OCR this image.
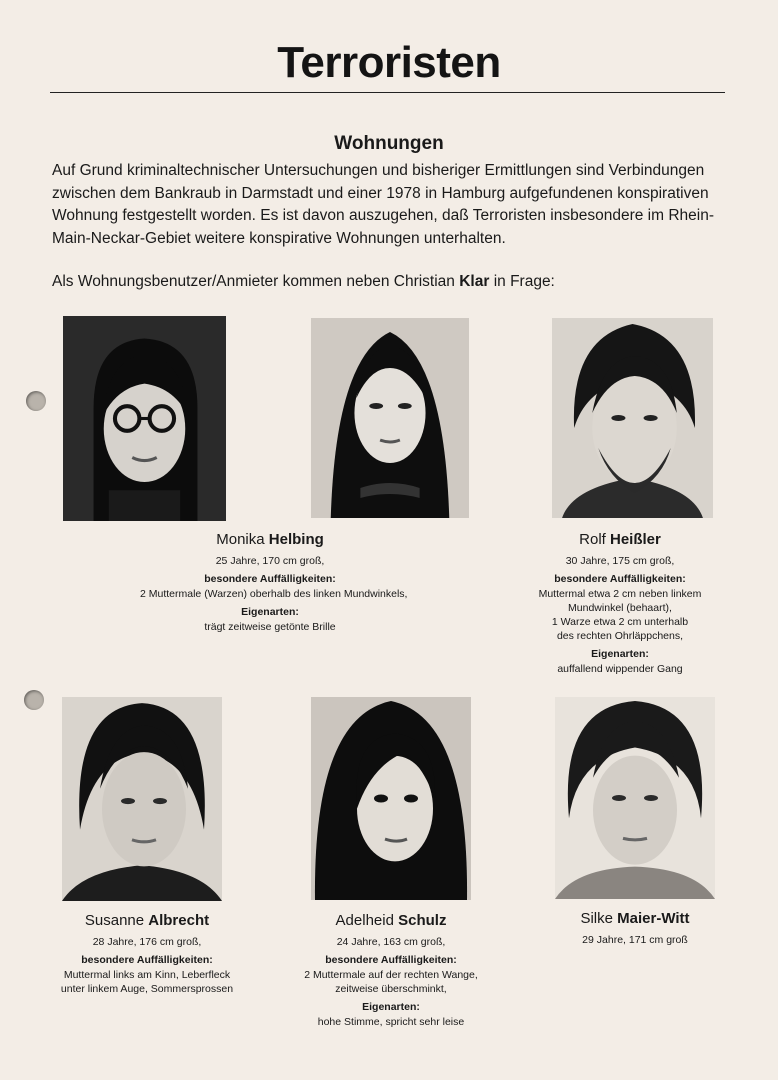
Terroristen
Wohnungen
Auf Grund kriminaltechnischer Untersuchungen und bisheriger Ermittlungen sind Verbindungen
zwischen dem Bankraub in Darmstadt und einer 1978 in Hamburg aufgefundenen konspirativen
Wohnung festgestellt worden. Es ist davon auszugehen, daß Terroristen insbesondere im Rhein-
Main-Neckar-Gebiet weitere konspirative Wohnungen unterhalten.
Als Wohnungsbenutzer/Anmieter kommen neben Christian Klar in Frage:
Monika Helbing
25 Jahre, 170 cm groß,
besondere Auffälligkeiten:
2 Muttermale (Warzen) oberhalb des linken Mundwinkels,
Eigenarten:
trägt zeitweise getönte Brille
Rolf Heißler
30 Jahre, 175 cm groß,
besondere Auffälligkeiten:
Muttermal etwa 2 cm neben linkem
Mundwinkel (behaart),
1 Warze etwa 2 cm unterhalb
des rechten Ohrläppchens,
Eigenarten:
auffallend wippender Gang
Susanne Albrecht
28 Jahre, 176 cm groß,
besondere Auffälligkeiten:
Muttermal links am Kinn, Leberfleck
unter linkem Auge, Sommersprossen
Adelheid Schulz
24 Jahre, 163 cm groß,
besondere Auffälligkeiten:
2 Muttermale auf der rechten Wange,
zeitweise überschminkt,
Eigenarten:
hohe Stimme, spricht sehr leise
Silke Maier-Witt
29 Jahre, 171 cm groß
